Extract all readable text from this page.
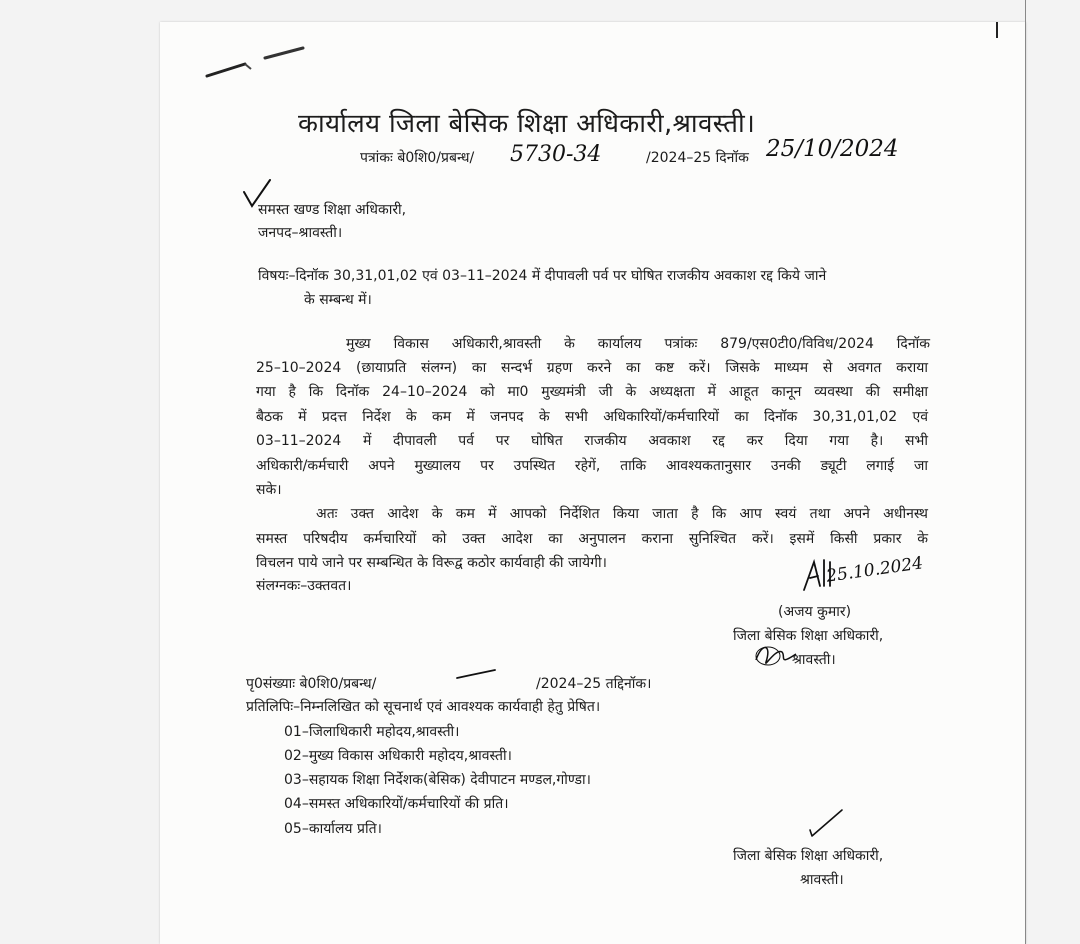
कार्यालय जिला बेसिक शिक्षा अधिकारी,श्रावस्ती।
पत्रांकः बे0शि0/प्रबन्ध/ 5730-34	/2024–25 दिनॉक 25/10/2024
समस्त खण्ड शिक्षा अधिकारी,
जनपद–श्रावस्ती।
विषयः–दिनॉक 30,31,01,02 एवं 03–11–2024 में दीपावली पर्व पर घोषित राजकीय अवकाश रद्द किये जाने
के सम्बन्ध में।
मुख्य विकास अधिकारी,श्रावस्ती के कार्यालय पत्रांकः 879/एस0टी0/विविध/2024 दिनॉक
25–10–2024 (छायाप्रति संलग्न) का सन्दर्भ ग्रहण करने का कष्ट करें। जिसके माध्यम से अवगत कराया
गया है कि दिनॉक 24–10–2024 को मा0 मुख्यमंत्री जी के अध्यक्षता में आहूत कानून व्यवस्था की समीक्षा
बैठक में प्रदत्त निर्देश के कम में जनपद के सभी अधिकारियों/कर्मचारियों का दिनॉक 30,31,01,02 एवं
03–11–2024 में दीपावली पर्व पर घोषित राजकीय अवकाश रद्द कर दिया गया है। सभी
अधिकारी/कर्मचारी अपने मुख्यालय पर उपस्थित रहेगें, ताकि आवश्यकतानुसार उनकी ड्यूटी लगाई जा
सके।
अतः उक्त आदेश के कम में आपको निर्देशित किया जाता है कि आप स्वयं तथा अपने अधीनस्थ
समस्त परिषदीय कर्मचारियों को उक्त आदेश का अनुपालन कराना सुनिश्चित करें। इसमें किसी प्रकार के
विचलन पाये जाने पर सम्बन्धित के विरूद्व कठोर कार्यवाही की जायेगी।
संलग्नकः–उक्तवत।	25.10.2024
(अजय कुमार)
जिला बेसिक शिक्षा अधिकारी,
श्रावस्ती।
पृ0संख्याः बे0शि0/प्रबन्ध/	/2024–25 तद्दिनॉक।
प्रतिलिपिः–निम्नलिखित को सूचनार्थ एवं आवश्यक कार्यवाही हेतु प्रेषित।
01–जिलाधिकारी महोदय,श्रावस्ती।
02–मुख्य विकास अधिकारी महोदय,श्रावस्ती।
03–सहायक शिक्षा निर्देशक(बेसिक) देवीपाटन मण्डल,गोण्डा।
04–समस्त अधिकारियों/कर्मचारियों की प्रति।
05–कार्यालय प्रति।
जिला बेसिक शिक्षा अधिकारी,
श्रावस्ती।
